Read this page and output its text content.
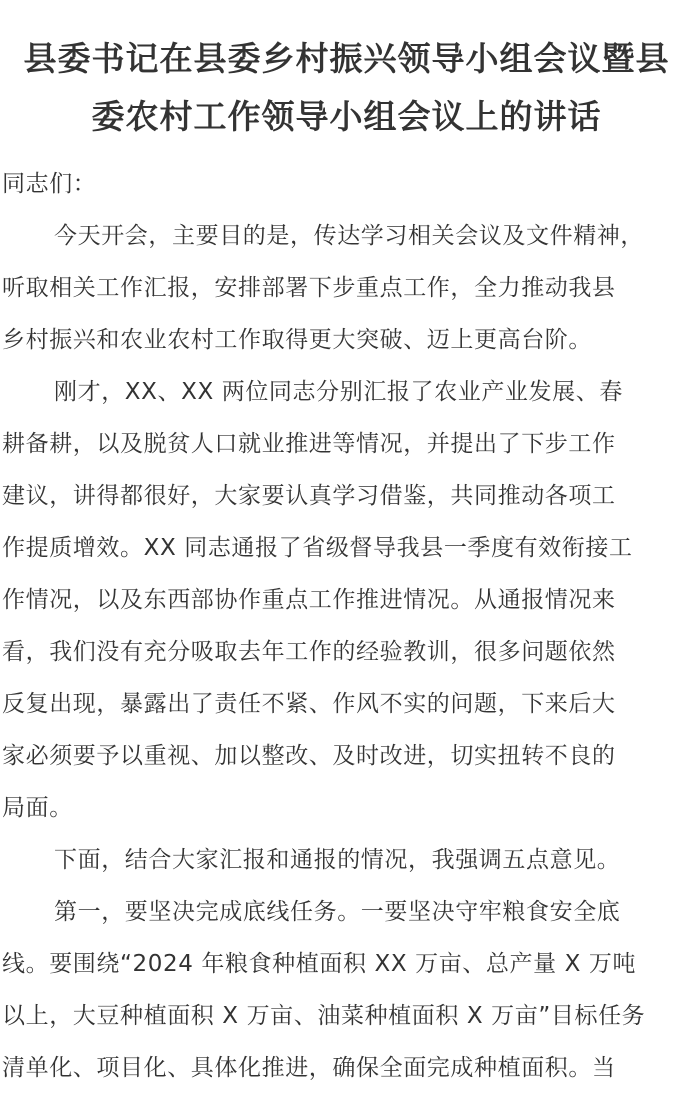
县委书记在县委乡村振兴领导小组会议暨县
委农村工作领导小组会议上的讲话
同志们：
今天开会，主要目的是，传达学习相关会议及文件精神，
听取相关工作汇报，安排部署下步重点工作，全力推动我县
乡村振兴和农业农村工作取得更大突破、迈上更高台阶。
刚才，XX、XX 两位同志分别汇报了农业产业发展、春
耕备耕，以及脱贫人口就业推进等情况，并提出了下步工作
建议，讲得都很好，大家要认真学习借鉴，共同推动各项工
作提质增效。XX 同志通报了省级督导我县一季度有效衔接工
作情况，以及东西部协作重点工作推进情况。从通报情况来
看，我们没有充分吸取去年工作的经验教训，很多问题依然
反复出现，暴露出了责任不紧、作风不实的问题，下来后大
家必须要予以重视、加以整改、及时改进，切实扭转不良的
局面。
下面，结合大家汇报和通报的情况，我强调五点意见。
第一，要坚决完成底线任务。一要坚决守牢粮食安全底
线。要围绕“2024 年粮食种植面积 XX 万亩、总产量 X 万吨
以上，大豆种植面积 X 万亩、油菜种植面积 X 万亩”目标任务
清单化、项目化、具体化推进，确保全面完成种植面积。当
